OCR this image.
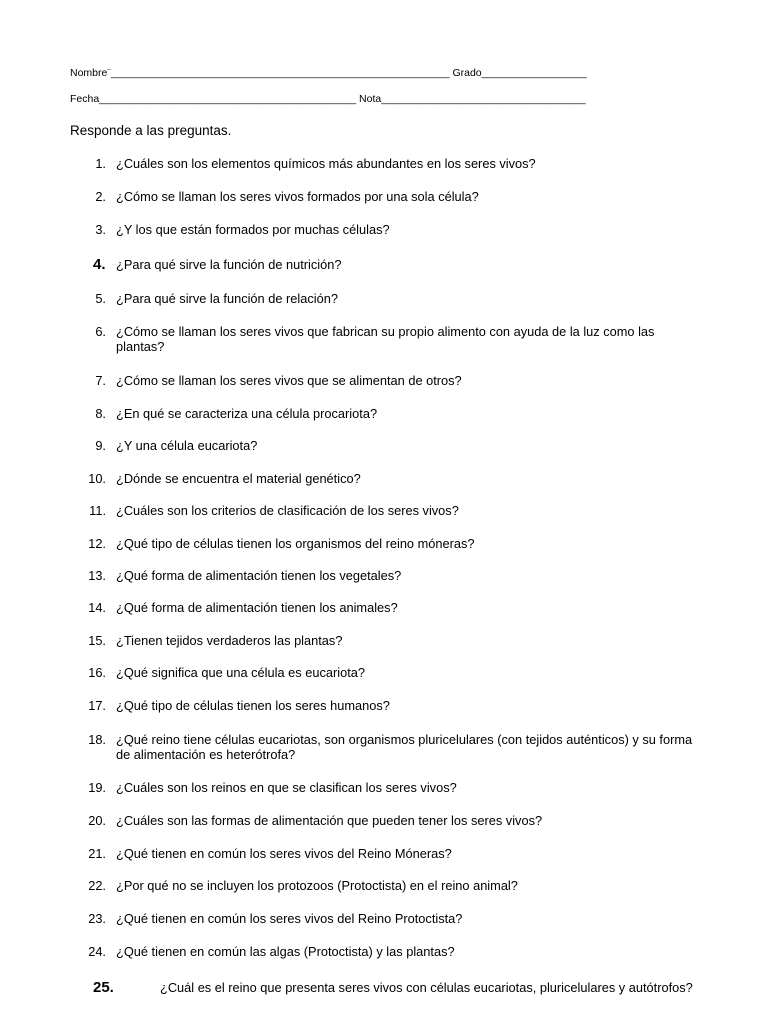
Nombre¨__________________________________________________________ Grado__________________
Fecha____________________________________________ Nota___________________________________
Responde a las preguntas.
1. ¿Cuáles son los elementos químicos más abundantes en los seres vivos?
2. ¿Cómo se llaman los seres vivos formados por una sola célula?
3. ¿Y los que están formados por muchas células?
4. ¿Para qué sirve la función de nutrición?
5. ¿Para qué sirve la función de relación?
6. ¿Cómo se llaman los seres vivos que fabrican su propio alimento con ayuda de la luz como las plantas?
7. ¿Cómo se llaman los seres vivos que se alimentan de otros?
8. ¿En qué se caracteriza una célula procariota?
9. ¿Y una célula eucariota?
10. ¿Dónde se encuentra el material genético?
11. ¿Cuáles son los criterios de clasificación de los seres vivos?
12. ¿Qué tipo de células tienen los organismos del reino móneras?
13. ¿Qué forma de alimentación tienen los vegetales?
14. ¿Qué forma de alimentación tienen los animales?
15. ¿Tienen tejidos verdaderos las plantas?
16. ¿Qué significa que una célula es eucariota?
17. ¿Qué tipo de células tienen los seres humanos?
18. ¿Qué reino tiene células eucariotas, son organismos pluricelulares (con tejidos auténticos) y su forma de alimentación es heterótrofa?
19. ¿Cuáles son los reinos en que se clasifican los seres vivos?
20. ¿Cuáles son las formas de alimentación que pueden tener los seres vivos?
21. ¿Qué tienen en común los seres vivos del Reino Móneras?
22. ¿Por qué no se incluyen los protozoos (Protoctista) en el reino animal?
23. ¿Qué tienen en común los seres vivos del Reino Protoctista?
24. ¿Qué tienen en común las algas (Protoctista) y las plantas?
25.	¿Cuál es el reino que presenta seres vivos con células eucariotas, pluricelulares y autótrofos?
